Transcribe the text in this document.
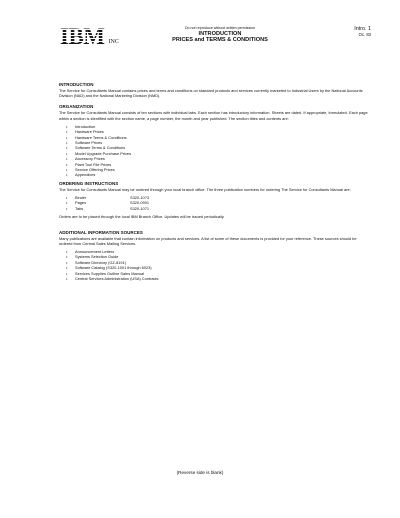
IBM INC
Do not reproduce without written permission
INTRODUCTION
PRICES and TERMS & CONDITIONS
Intro. 1
Oc. 83
INTRODUCTION
The Service for Consultants Manual contains prices and terms and conditions on standard products and services currently marketed to Industrial Users by the National Accounts Division (NAD) and the National Marketing Division (NMD).
ORGANIZATION
The Service for Consultants Manual consists of ten sections with individual tabs. Each section has introductory information. Sheets are dated. If appropriate, formulated. Each page within a section is identified with the section name, a page number, the month and year published. The section titles and contents are:
• Introduction
• Hardware Prices
• Hardware Terms & Conditions
• Software Prices
• Software Terms & Conditions
• Model Upgrade Purchase Prices
• Accessory Prices
• Plant Tool File Prices
• Service Offering Prices
• Appendices
ORDERING INSTRUCTIONS
The Service for Consultants Manual may be ordered through your local branch office. The three publication numbers for ordering The Service for Consultants Manual are:
• Binder	S320-1073
• Pages	S320-0901
• Tabs	S320-1071
Orders are to be placed through the local IBM Branch Office. Updates will be issued periodically.
ADDITIONAL INFORMATION SOURCES
Many publications are available that contain information on products and services. A list of some of these documents is provided for your reference. These sources should be ordered from Central Sales Mailing Services.
• Announcement Letters
• Systems Selection Guide
• Software Directory (GZ-8191)
• Software Catalog (S320-1001 through 6023)
• Services Supplies Outline Sales Manual
• Central Services Administration (USA) Contracts
(Reverse side is blank)
